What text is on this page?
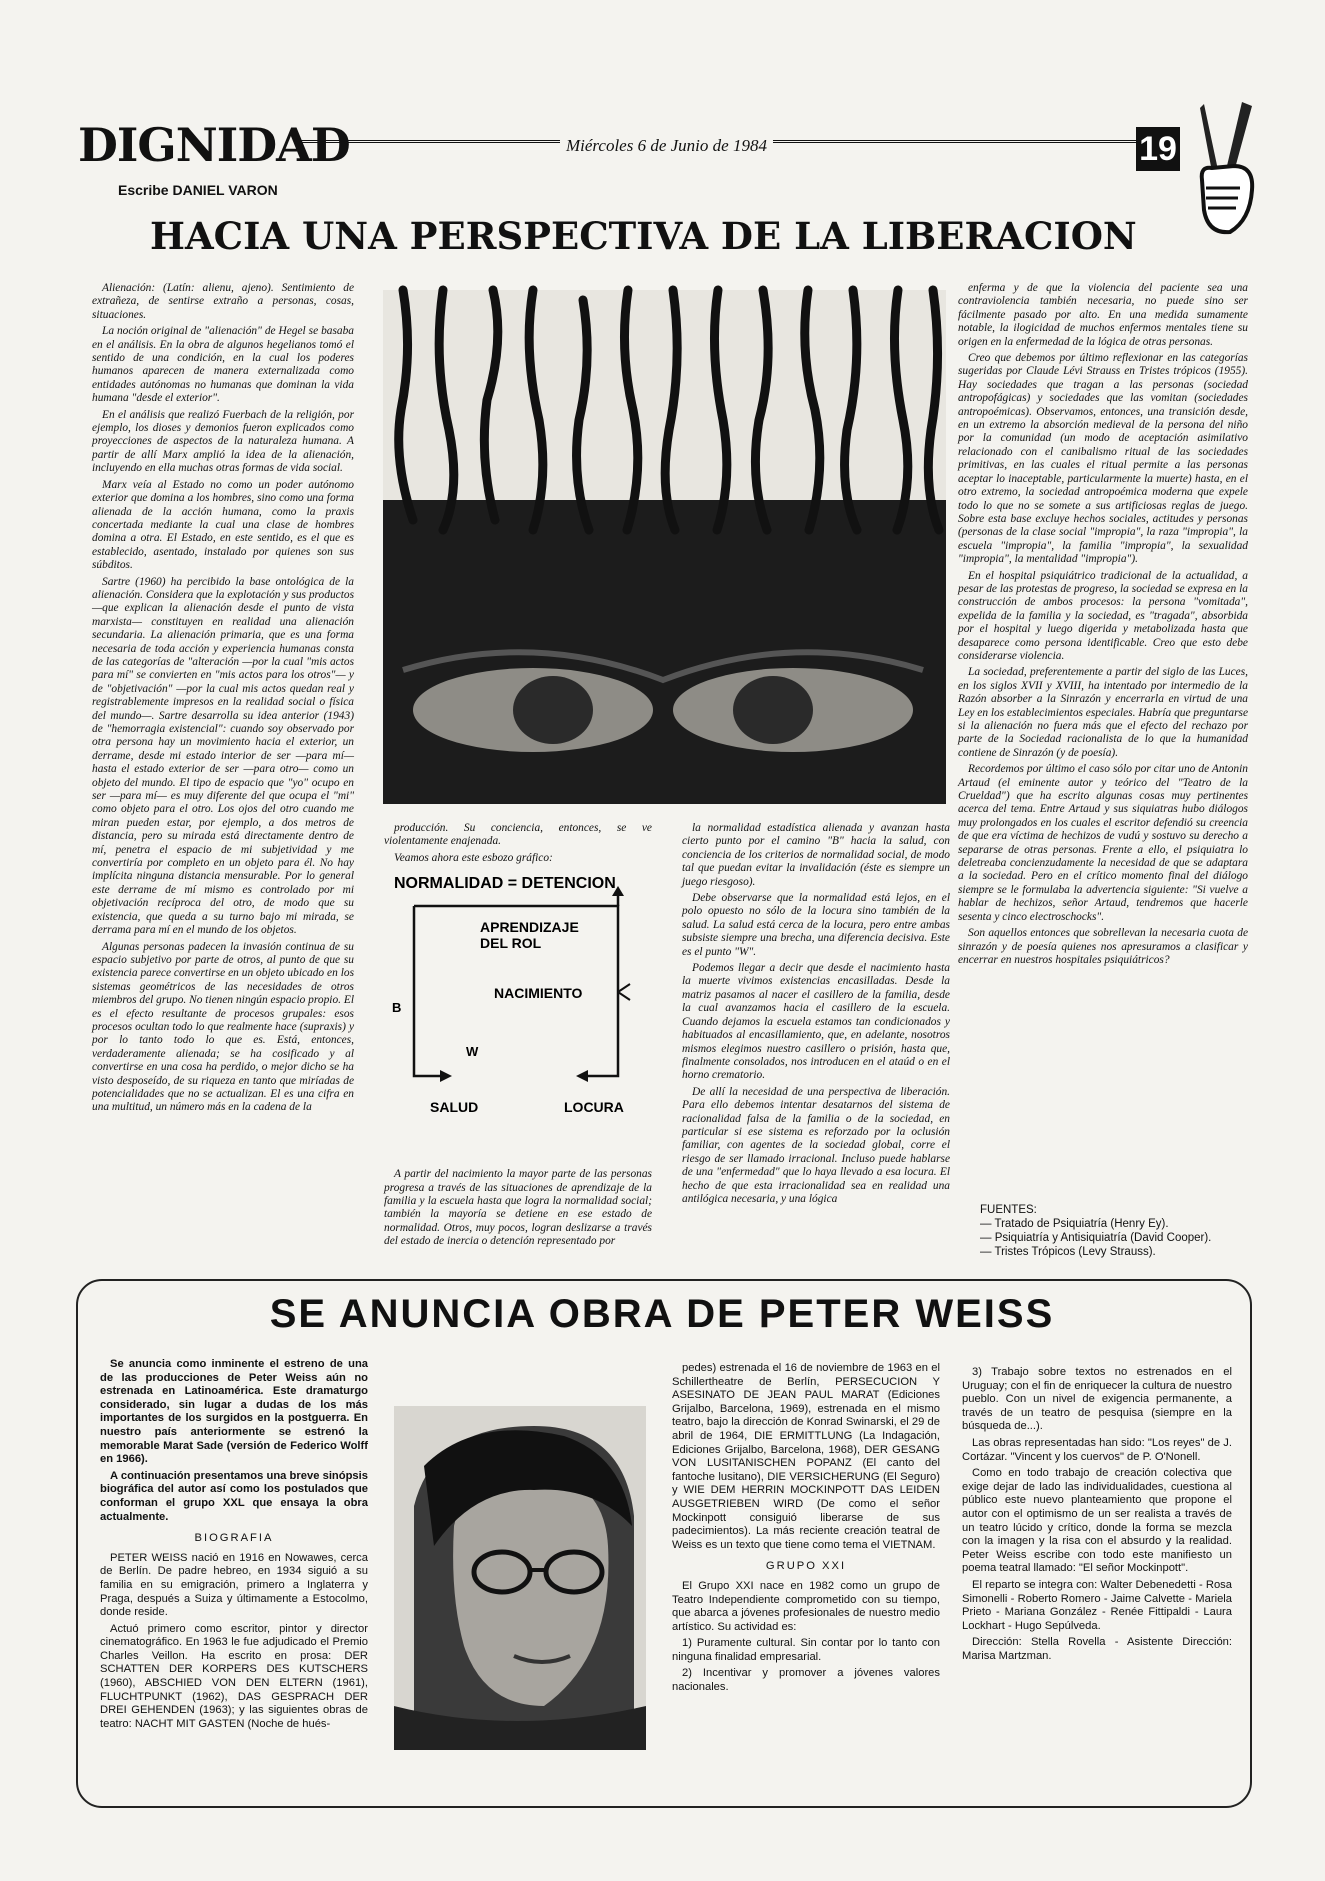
DIGNIDAD	Miércoles 6 de Junio de 1984	19
Escribe DANIEL VARON
HACIA UNA PERSPECTIVA DE LA LIBERACION

Alienación: (Latín: alienu, ajeno). Sentimiento de extrañeza, de sentirse extraño a personas, cosas, situaciones.

La noción original de "alienación" de Hegel se basaba en el análisis. En la obra de algunos hegelianos tomó el sentido de una condición, en la cual los poderes humanos aparecen de manera externalizada como entidades autónomas no humanas que dominan la vida humana "desde el exterior".

En el análisis que realizó Fuerbach de la religión, por ejemplo, los dioses y demonios fueron explicados como proyecciones de aspectos de la naturaleza humana. A partir de allí Marx amplió la idea de la alienación, incluyendo en ella muchas otras formas de vida social.

Marx veía al Estado no como un poder autónomo exterior que domina a los hombres, sino como una forma alienada de la acción humana, como la praxis concertada mediante la cual una clase de hombres domina a otra. El Estado, en este sentido, es el que es establecido, asentado, instalado por quienes son sus súbditos.

Sartre (1960) ha percibido la base ontológica de la alienación. Considera que la explotación y sus productos —que explican la alienación desde el punto de vista marxista— constituyen en realidad una alienación secundaria. La alienación primaria, que es una forma necesaria de toda acción y experiencia humanas consta de las categorías de "alteración —por la cual "mis actos para mí" se convierten en "mis actos para los otros"— y de "objetivación" —por la cual mis actos quedan real y registrablemente impresos en la realidad social o física del mundo—. Sartre desarrolla su idea anterior (1943) de "hemorragia existencial": cuando soy observado por otra persona hay un movimiento hacia el exterior, un derrame, desde mi estado interior de ser —para mí— hasta el estado exterior de ser —para otro— como un objeto del mundo. El tipo de espacio que "yo" ocupo en ser —para mí— es muy diferente del que ocupa el "mi" como objeto para el otro. Los ojos del otro cuando me miran pueden estar, por ejemplo, a dos metros de distancia, pero su mirada está directamente dentro de mí, penetra el espacio de mi subjetividad y me convertiría por completo en un objeto para él. No hay implícita ninguna distancia mensurable. Por lo general este derrame de mí mismo es controlado por mi objetivación recíproca del otro, de modo que su existencia, que queda a su turno bajo mi mirada, se derrama para mí en el mundo de los objetos.

Algunas personas padecen la invasión continua de su espacio subjetivo por parte de otros, al punto de que su existencia parece convertirse en un objeto ubicado en los sistemas geométricos de las necesidades de otros miembros del grupo. No tienen ningún espacio propio. El es el efecto resultante de procesos grupales: esos procesos ocultan todo lo que realmente hace (supraxis) y por lo tanto todo lo que es. Está, entonces, verdaderamente alienada; se ha cosificado y al convertirse en una cosa ha perdido, o mejor dicho se ha visto desposeído, de su riqueza en tanto que miríadas de potencialidades que no se actualizan. El es una cifra en una multitud, un número más en la cadena de la

producción. Su conciencia, entonces, se ve violentamente enajenada.

Veamos ahora este esbozo gráfico:

A partir del nacimiento la mayor parte de las personas progresa a través de las situaciones de aprendizaje de la familia y la escuela hasta que logra la normalidad social; también la mayoría se detiene en ese estado de normalidad. Otros, muy pocos, logran deslizarse a través del estado de inercia o detención representado por

NORMALIDAD = DETENCION
APRENDIZAJE
DEL ROL
NACIMIENTO
B
W
SALUD	LOCURA

la normalidad estadística alienada y avanzan hasta cierto punto por el camino "B" hacia la salud, con conciencia de los criterios de normalidad social, de modo tal que puedan evitar la invalidación (éste es siempre un juego riesgoso).

Debe observarse que la normalidad está lejos, en el polo opuesto no sólo de la locura sino también de la salud. La salud está cerca de la locura, pero entre ambas subsiste siempre una brecha, una diferencia decisiva. Este es el punto "W".

Podemos llegar a decir que desde el nacimiento hasta la muerte vivimos existencias encasilladas. Desde la matriz pasamos al nacer el casillero de la familia, desde la cual avanzamos hacia el casillero de la escuela. Cuando dejamos la escuela estamos tan condicionados y habituados al encasillamiento, que, en adelante, nosotros mismos elegimos nuestro casillero o prisión, hasta que, finalmente consolados, nos introducen en el ataúd o en el horno crematorio.

De allí la necesidad de una perspectiva de liberación. Para ello debemos intentar desatarnos del sistema de racionalidad falsa de la familia o de la sociedad, en particular si ese sistema es reforzado por la oclusión familiar, con agentes de la sociedad global, corre el riesgo de ser llamado irracional. Incluso puede hablarse de una "enfermedad" que lo haya llevado a esa locura. El hecho de que esta irracionalidad sea en realidad una antilógica necesaria, y una lógica

enferma y de que la violencia del paciente sea una contraviolencia también necesaria, no puede sino ser fácilmente pasado por alto. En una medida sumamente notable, la ilogicidad de muchos enfermos mentales tiene su origen en la enfermedad de la lógica de otras personas.

Creo que debemos por último reflexionar en las categorías sugeridas por Claude Lévi Strauss en Tristes trópicos (1955). Hay sociedades que tragan a las personas (sociedad antropofágicas) y sociedades que las vomitan (sociedades antropoémicas). Observamos, entonces, una transición desde, en un extremo la absorción medieval de la persona del niño por la comunidad (un modo de aceptación asimilativo relacionado con el canibalismo ritual de las sociedades primitivas, en las cuales el ritual permite a las personas aceptar lo inaceptable, particularmente la muerte) hasta, en el otro extremo, la sociedad antropoémica moderna que expele todo lo que no se somete a sus artificiosas reglas de juego. Sobre esta base excluye hechos sociales, actitudes y personas (personas de la clase social "impropia", la raza "impropia", la escuela "impropia", la familia "impropia", la sexualidad "impropia", la mentalidad "impropia").

En el hospital psiquiátrico tradicional de la actualidad, a pesar de las protestas de progreso, la sociedad se expresa en la construcción de ambos procesos: la persona "vomitada", expelida de la familia y la sociedad, es "tragada", absorbida por el hospital y luego digerida y metabolizada hasta que desaparece como persona identificable. Creo que esto debe considerarse violencia.

La sociedad, preferentemente a partir del siglo de las Luces, en los siglos XVII y XVIII, ha intentado por intermedio de la Razón absorber a la Sinrazón y encerrarla en virtud de una Ley en los establecimientos especiales. Habría que preguntarse si la alienación no fuera más que el efecto del rechazo por parte de la Sociedad racionalista de lo que la humanidad contiene de Sinrazón (y de poesía).

Recordemos por último el caso sólo por citar uno de Antonin Artaud (el eminente autor y teórico del "Teatro de la Crueldad") que ha escrito algunas cosas muy pertinentes acerca del tema. Entre Artaud y sus siquiatras hubo diálogos muy prolongados en los cuales el escritor defendió su creencia de que era víctima de hechizos de vudú y sostuvo su derecho a separarse de otras personas. Frente a ello, el psiquiatra lo deletreaba concienzudamente la necesidad de que se adaptara a la sociedad. Pero en el crítico momento final del diálogo siempre se le formulaba la advertencia siguiente: "Si vuelve a hablar de hechizos, señor Artaud, tendremos que hacerle sesenta y cinco electroschocks".

Son aquellos entonces que sobrellevan la necesaria cuota de sinrazón y de poesía quienes nos apresuramos a clasificar y encerrar en nuestros hospitales psiquiátricos?

FUENTES:
— Tratado de Psiquiatría (Henry Ey).
— Psiquiatría y Antisiquiatría (David Cooper).
— Tristes Trópicos (Levy Strauss).
SE ANUNCIA OBRA DE PETER WEISS

Se anuncia como inminente el estreno de una de las producciones de Peter Weiss aún no estrenada en Latinoamérica. Este dramaturgo considerado, sin lugar a dudas de los más importantes de los surgidos en la postguerra. En nuestro país anteriormente se estrenó la memorable Marat Sade (versión de Federico Wolff en 1966).

A continuación presentamos una breve sinópsis biográfica del autor así como los postulados que conforman el grupo XXL que ensaya la obra actualmente.

BIOGRAFIA

PETER WEISS nació en 1916 en Nowawes, cerca de Berlín. De padre hebreo, en 1934 siguió a su familia en su emigración, primero a Inglaterra y Praga, después a Suiza y últimamente a Estocolmo, donde reside.

Actuó primero como escritor, pintor y director cinematográfico. En 1963 le fue adjudicado el Premio Charles Veillon. Ha escrito en prosa: DER SCHATTEN DER KORPERS DES KUTSCHERS (1960), ABSCHIED VON DEN ELTERN (1961), FLUCHTPUNKT (1962), DAS GESPRACH DER DREI GEHENDEN (1963); y las siguientes obras de teatro: NACHT MIT GASTEN (Noche de hués-

pedes) estrenada el 16 de noviembre de 1963 en el Schillertheatre de Berlín, PERSECUCION Y ASESINATO DE JEAN PAUL MARAT (Ediciones Grijalbo, Barcelona, 1969), estrenada en el mismo teatro, bajo la dirección de Konrad Swinarski, el 29 de abril de 1964, DIE ERMITTLUNG (La Indagación, Ediciones Grijalbo, Barcelona, 1968), DER GESANG VON LUSITANISCHEN POPANZ (El canto del fantoche lusitano), DIE VERSICHERUNG (El Seguro) y WIE DEM HERRIN MOCKINPOTT DAS LEIDEN AUSGETRIEBEN WIRD (De como el señor Mockinpott consiguió liberarse de sus padecimientos). La más reciente creación teatral de Weiss es un texto que tiene como tema el VIETNAM.

GRUPO XXI

El Grupo XXI nace en 1982 como un grupo de Teatro Independiente comprometido con su tiempo, que abarca a jóvenes profesionales de nuestro medio artístico. Su actividad es:

1) Puramente cultural. Sin contar por lo tanto con ninguna finalidad empresarial.

2) Incentivar y promover a jóvenes valores nacionales.

3) Trabajo sobre textos no estrenados en el Uruguay; con el fin de enriquecer la cultura de nuestro pueblo. Con un nivel de exigencia permanente, a través de un teatro de pesquisa (siempre en la búsqueda de...).

Las obras representadas han sido: "Los reyes" de J. Cortázar. "Vincent y los cuervos" de P. O'Nonell.

Como en todo trabajo de creación colectiva que exige dejar de lado las individualidades, cuestiona al público este nuevo planteamiento que propone el autor con el optimismo de un ser realista a través de un teatro lúcido y crítico, donde la forma se mezcla con la imagen y la risa con el absurdo y la realidad. Peter Weiss escribe con todo este manifiesto un poema teatral llamado: "El señor Mockinpott".

El reparto se integra con: Walter Debenedetti - Rosa Simonelli - Roberto Romero - Jaime Calvette - Mariela Prieto - Mariana González - Renée Fittipaldi - Laura Lockhart - Hugo Sepúlveda.

Dirección: Stella Rovella - Asistente Dirección: Marisa Martzman.
